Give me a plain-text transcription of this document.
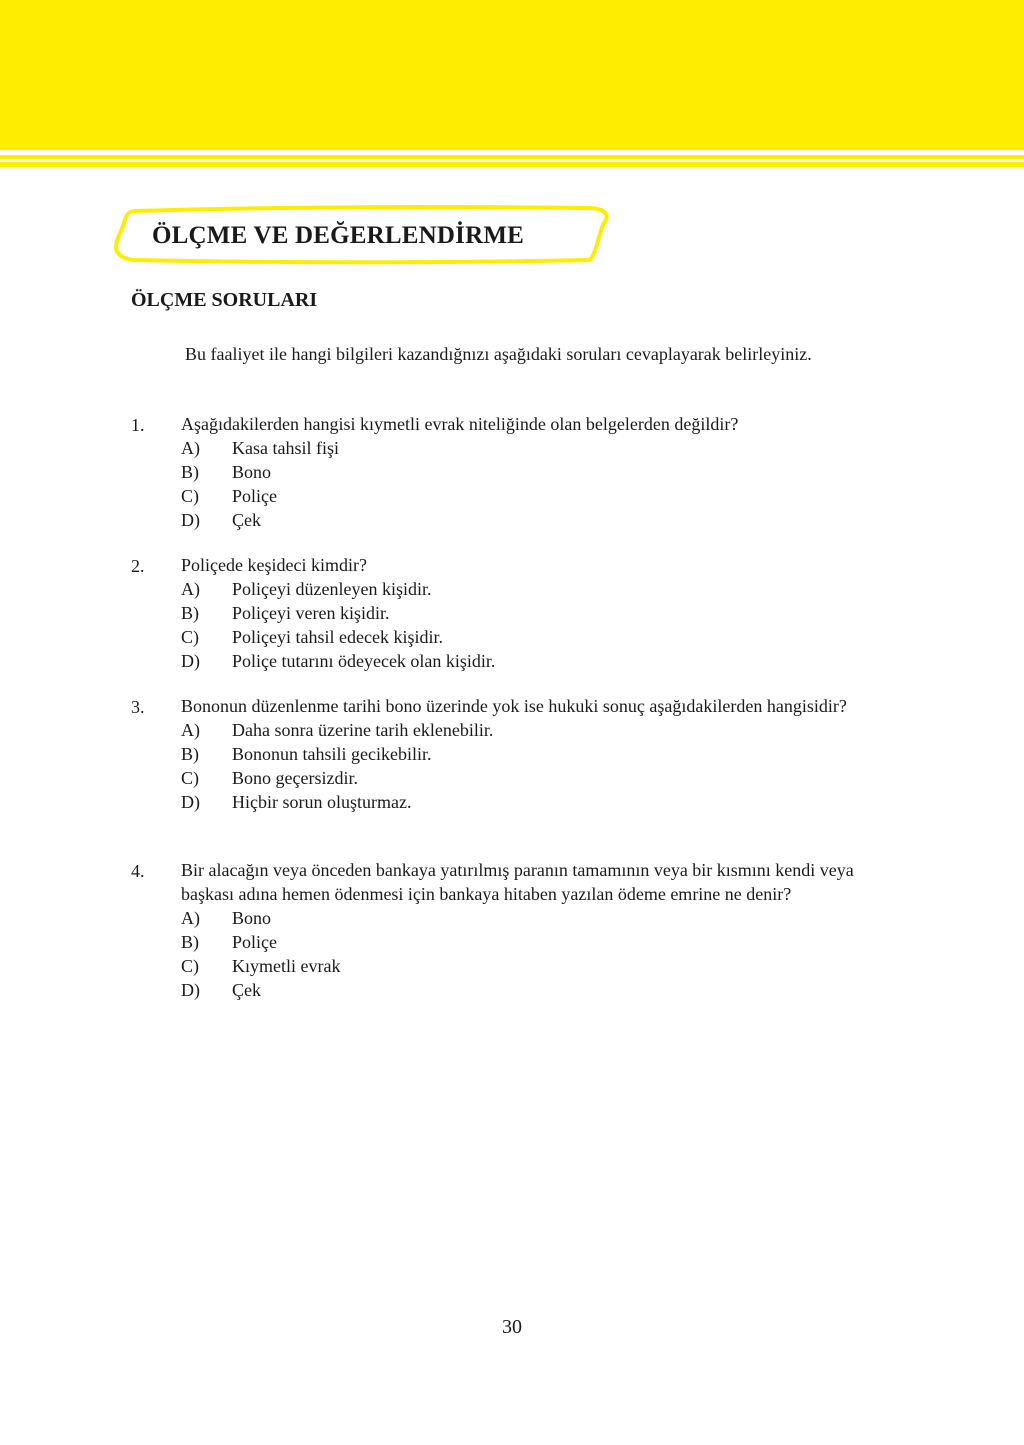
ÖLÇME VE DEĞERLENDİRME
ÖLÇME SORULARI
Bu faaliyet ile hangi bilgileri kazandığnızı aşağıdaki soruları cevaplayarak belirleyiniz.
1. Aşağıdakilerden hangisi kıymetli evrak niteliğinde olan belgelerden değildir?
A) Kasa tahsil fişi
B) Bono
C) Poliçe
D) Çek
2. Poliçede keşideci kimdir?
A) Poliçeyi düzenleyen kişidir.
B) Poliçeyi veren kişidir.
C) Poliçeyi tahsil edecek kişidir.
D) Poliçe tutarını ödeyecek olan kişidir.
3. Bononun düzenlenme tarihi bono üzerinde yok ise hukuki sonuç aşağıdakilerden hangisidir?
A) Daha sonra üzerine tarih eklenebilir.
B) Bononun tahsili gecikebilir.
C) Bono geçersizdir.
D) Hiçbir sorun oluşturmaz.
4. Bir alacağın veya önceden bankaya yatırılmış paranın tamamının veya bir kısmını kendi veya başkası adına hemen ödenmesi için bankaya hitaben yazılan ödeme emrine ne denir?
A) Bono
B) Poliçe
C) Kıymetli evrak
D) Çek
30
